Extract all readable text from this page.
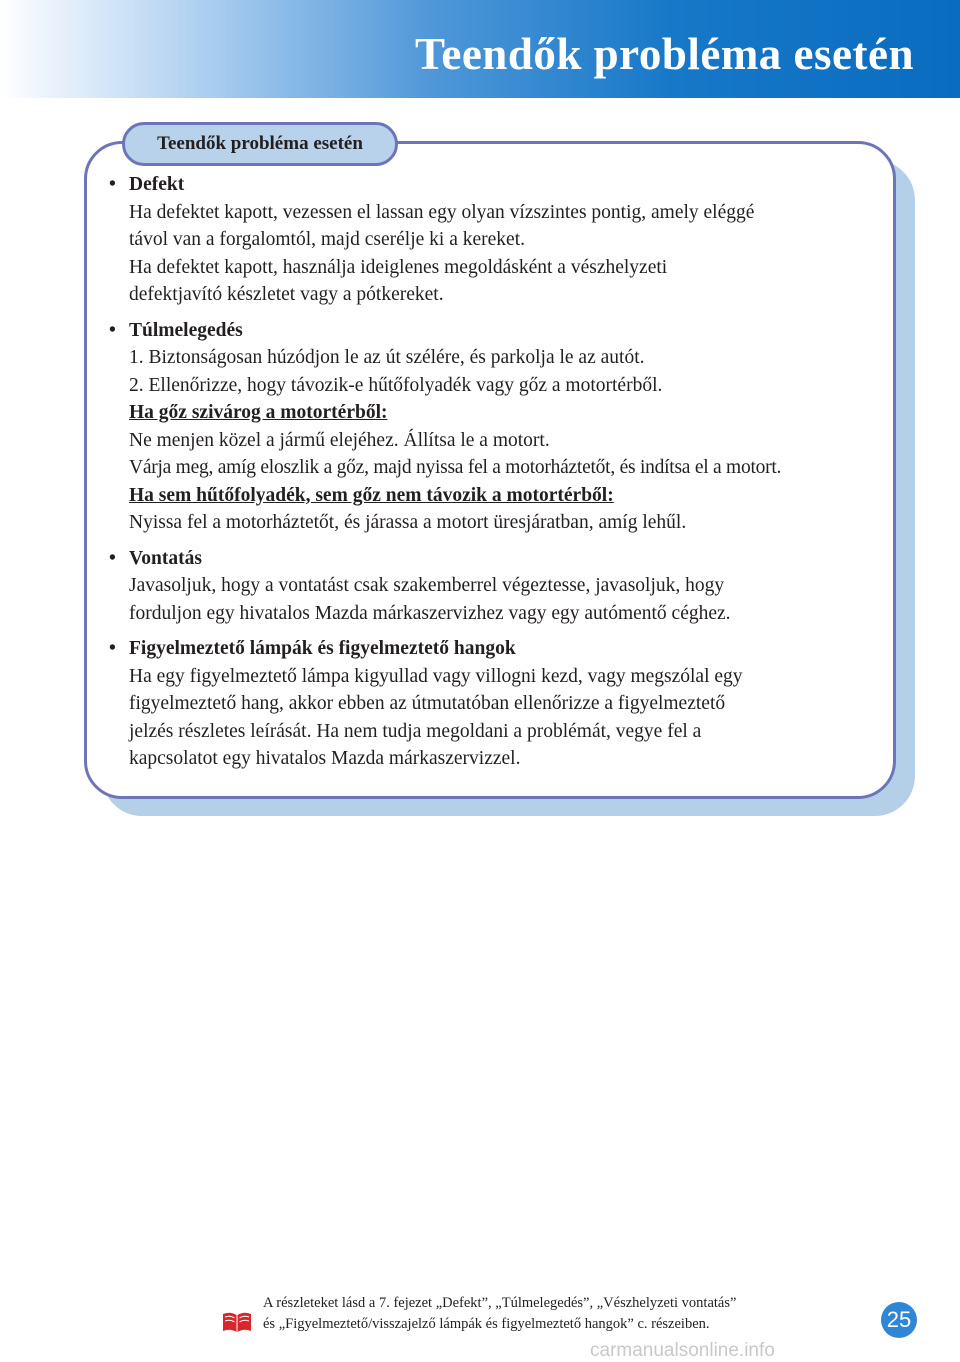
Teendők probléma esetén
Teendők probléma esetén
• Defekt
Ha defektet kapott, vezessen el lassan egy olyan vízszintes pontig, amely eléggé
távol van a forgalomtól, majd cserélje ki a kereket.
Ha defektet kapott, használja ideiglenes megoldásként a vészhelyzeti
defektjavító készletet vagy a pótkereket.
• Túlmelegedés
1. Biztonságosan húzódjon le az út szélére, és parkolja le az autót.
2. Ellenőrizze, hogy távozik-e hűtőfolyadék vagy gőz a motortérből.
Ha gőz szivárog a motortérből:
Ne menjen közel a jármű elejéhez. Állítsa le a motort.
Várja meg, amíg eloszlik a gőz, majd nyissa fel a motorháztetőt, és indítsa el a motort.
Ha sem hűtőfolyadék, sem gőz nem távozik a motortérből:
Nyissa fel a motorháztetőt, és járassa a motort üresjáratban, amíg lehűl.
• Vontatás
Javasoljuk, hogy a vontatást csak szakemberrel végeztesse, javasoljuk, hogy
forduljon egy hivatalos Mazda márkaszervizhez vagy egy autómentő céghez.
• Figyelmeztető lámpák és figyelmeztető hangok
Ha egy figyelmeztető lámpa kigyullad vagy villogni kezd, vagy megszólal egy
figyelmeztető hang, akkor ebben az útmutatóban ellenőrizze a figyelmeztető
jelzés részletes leírását. Ha nem tudja megoldani a problémát, vegye fel a
kapcsolatot egy hivatalos Mazda márkaszervizzel.
A részleteket lásd a 7. fejezet „Defekt”, „Túlmelegedés”, „Vészhelyzeti vontatás”
és „Figyelmeztető/visszajelző lámpák és figyelmeztető hangok” c. részeiben.	25
carmanualsonline.info
